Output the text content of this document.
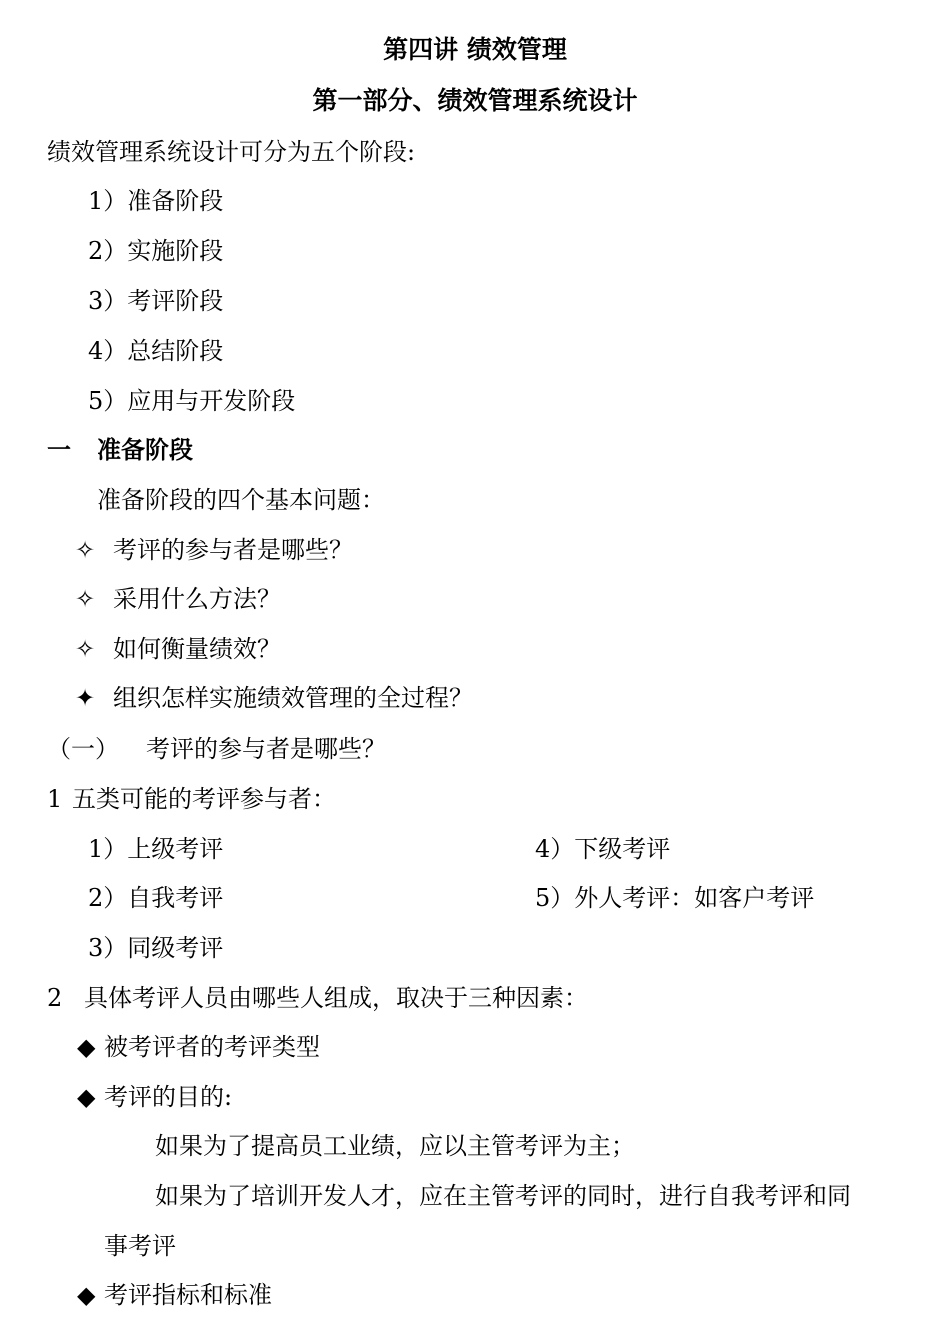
第四讲 绩效管理
第一部分、绩效管理系统设计
绩效管理系统设计可分为五个阶段:
1）准备阶段
2）实施阶段
3）考评阶段
4）总结阶段
5）应用与开发阶段
一 准备阶段
准备阶段的四个基本问题：
✧ 考评的参与者是哪些？
✧ 采用什么方法？
✧ 如何衡量绩效？
✦ 组织怎样实施绩效管理的全过程？
（一） 考评的参与者是哪些？
1 五类可能的考评参与者：
1）上级考评	4）下级考评
2）自我考评	5）外人考评：如客户考评
3）同级考评
2 具体考评人员由哪些人组成，取决于三种因素：
◆ 被考评者的考评类型
◆ 考评的目的:
如果为了提高员工业绩，应以主管考评为主；
如果为了培训开发人才，应在主管考评的同时，进行自我考评和同
事考评
◆ 考评指标和标准
